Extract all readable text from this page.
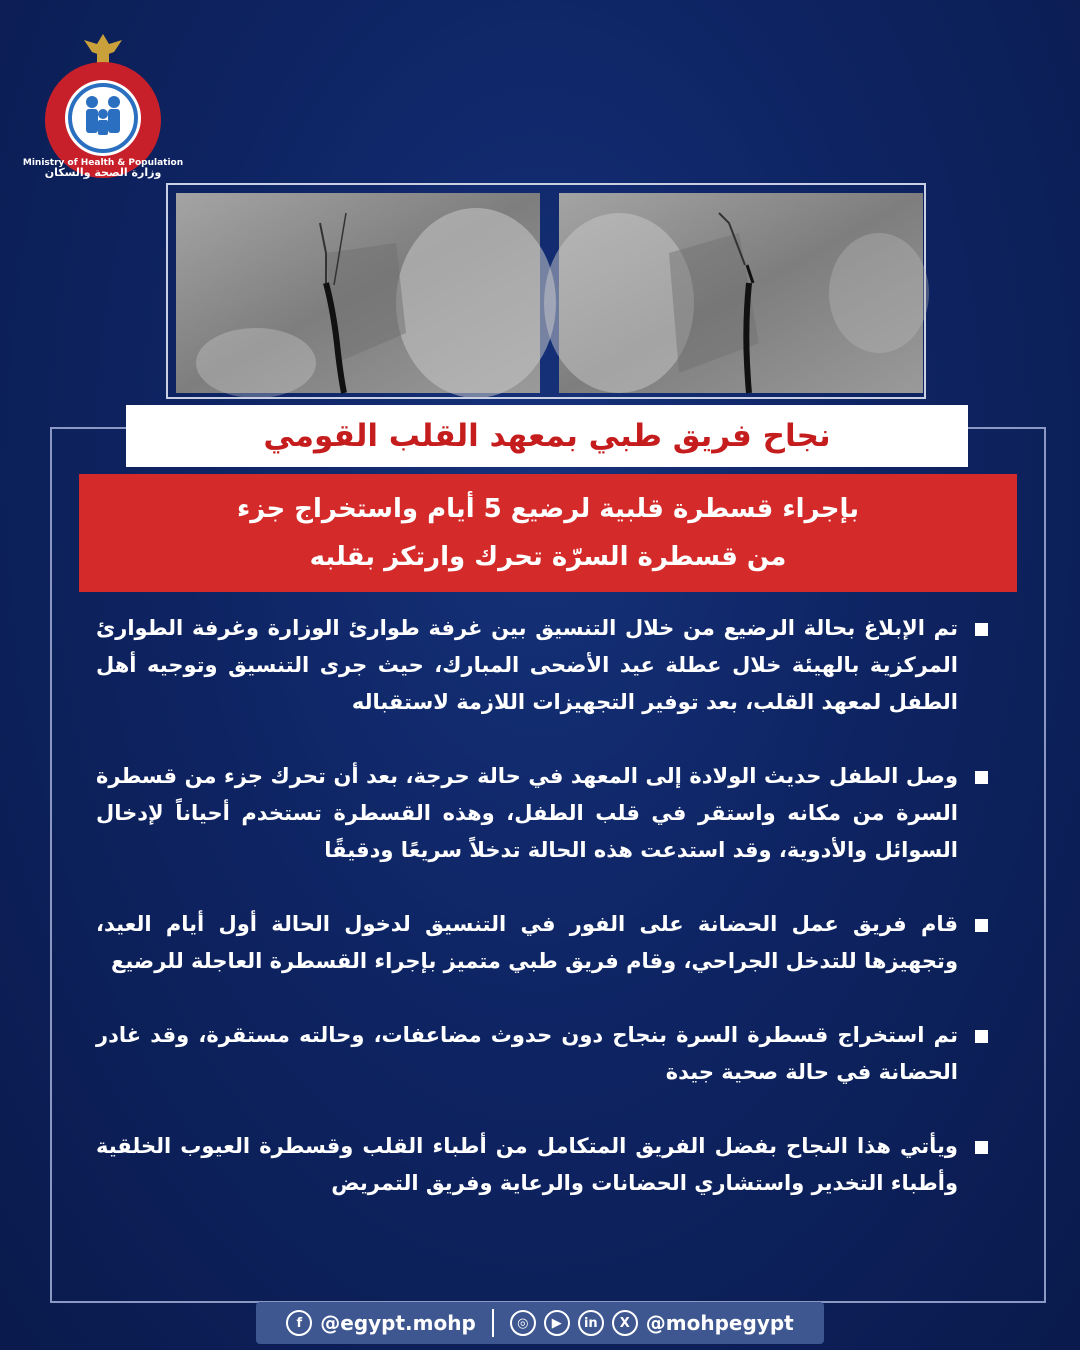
Ministry of Health & Population
وزارة الصحة والسكان
نجاح فريق طبي بمعهد القلب القومي
بإجراء قسطرة قلبية لرضيع 5 أيام واستخراج جزء
من قسطرة السرّة تحرك وارتكز بقلبه
تم الإبلاغ بحالة الرضيع من خلال التنسيق بين غرفة طوارئ الوزارة وغرفة الطوارئ المركزية بالهيئة خلال عطلة عيد الأضحى المبارك، حيث جرى التنسيق وتوجيه أهل الطفل لمعهد القلب، بعد توفير التجهيزات اللازمة لاستقباله
وصل الطفل حديث الولادة إلى المعهد في حالة حرجة، بعد أن تحرك جزء من قسطرة السرة من مكانه واستقر في قلب الطفل، وهذه القسطرة تستخدم أحياناً لإدخال السوائل والأدوية، وقد استدعت هذه الحالة تدخلاً سريعًا ودقيقًا
قام فريق عمل الحضانة على الفور في التنسيق لدخول الحالة أول أيام العيد، وتجهيزها للتدخل الجراحي، وقام فريق طبي متميز بإجراء القسطرة العاجلة للرضيع
تم استخراج قسطرة السرة بنجاح دون حدوث مضاعفات، وحالته مستقرة، وقد غادر الحضانة في حالة صحية جيدة
ويأتي هذا النجاح بفضل الفريق المتكامل من أطباء القلب وقسطرة العيوب الخلقية وأطباء التخدير واستشاري الحضانات والرعاية وفريق التمريض
f @egypt.mohp	◎	▶	in	X @mohpegypt
